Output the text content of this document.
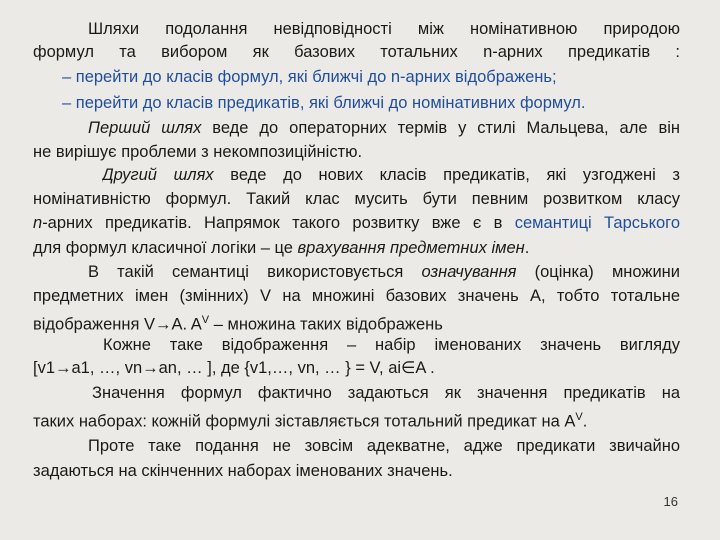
Шляхи подолання невідповідності між номінативною природою
формул та вибором як базових тотальних n-арних предикатів :
– перейти до класів формул, які ближчі до n-арних відображень;
– перейти до класів предикатів, які ближчі до номінативних формул.
Перший шлях веде до операторних термів у стилі Мальцева, але він
не вирішує проблеми з некомпозиційністю.
Другий шлях веде до нових класів предикатів, які узгоджені з
номінативністю формул. Такий клас мусить бути певним розвитком класу
n-арних предикатів. Напрямок такого розвитку вже є в семантиці Тарського
для формул класичної логіки – це врахування предметних імен.
В такій семантиці використовується означування (оцінка) множини
предметних імен (змінних) V на множині базових значень A, тобто тотальне
відображення V→A. $A^V$ – множина таких відображень
Кожне таке відображення – набір іменованих значень вигляду
[v1→a1, …, vn→an, … ], де {v1,…, vn, … } = V, ai∈A .
Значення формул фактично задаються як значення предикатів на
таких наборах: кожній формулі зіставляється тотальний предикат на $A^V$.
Проте таке подання не зовсім адекватне, адже предикати звичайно
задаються на скінченних наборах іменованих значень.
16
